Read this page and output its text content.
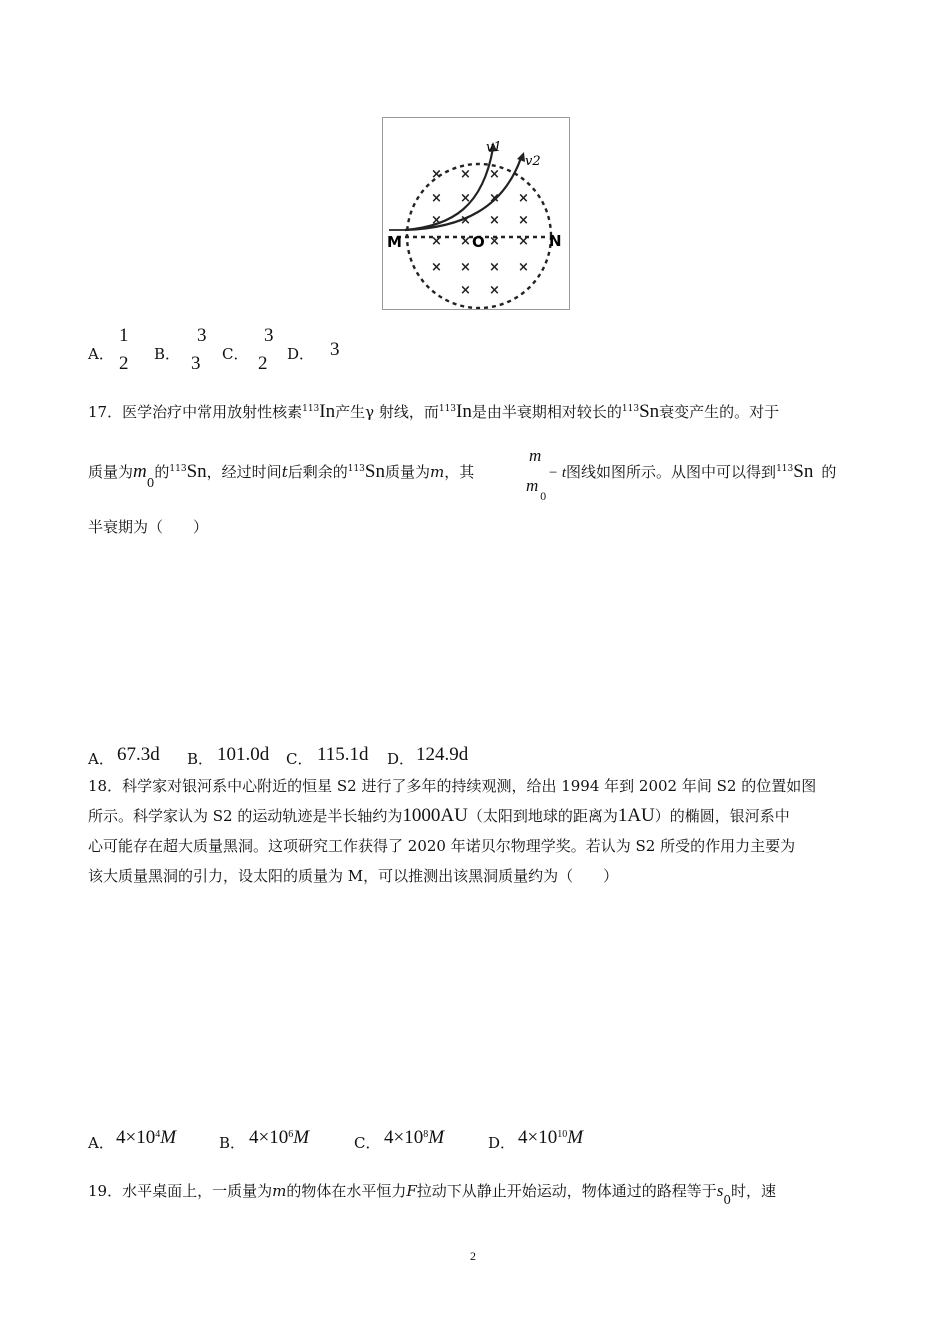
× × ×
× × × ×
× × × ×
× × × ×
× × × ×
× ×
M	O	N
v1
v2
A．
1
2 B．
3
3 C．
3
2 D． 3
17．医学治疗中常用放射性核素$^{113}$In产生γ 射线，而$^{113}$In是由半衰期相对较长的$^{113}$Sn衰变产生的。对于
质量为$m_0$的$^{113}$Sn，经过时间t后剩余的$^{113}$Sn质量为m，其
m
m
0
− t图线如图所示。从图中可以得到$^{113}$Sn 的
半衰期为（　　）
A． 67.3d B． 101.0d C． 115.1d D． 124.9d
18．科学家对银河系中心附近的恒星 S2 进行了多年的持续观测，给出 1994 年到 2002 年间 S2 的位置如图
所示。科学家认为 S2 的运动轨迹是半长轴约为1000AU（太阳到地球的距离为1AU）的椭圆，银河系中
心可能存在超大质量黑洞。这项研究工作获得了 2020 年诺贝尔物理学奖。若认为 S2 所受的作用力主要为
该大质量黑洞的引力，设太阳的质量为 M，可以推测出该黑洞质量约为（　　）
A． $4\times 10^4M$	B． $4\times 10^6M$	C． $4\times 10^8M$	D． $4\times 10^{10}M$
19．水平桌面上，一质量为m的物体在水平恒力F拉动下从静止开始运动，物体通过的路程等于$s_0$时，速
2
